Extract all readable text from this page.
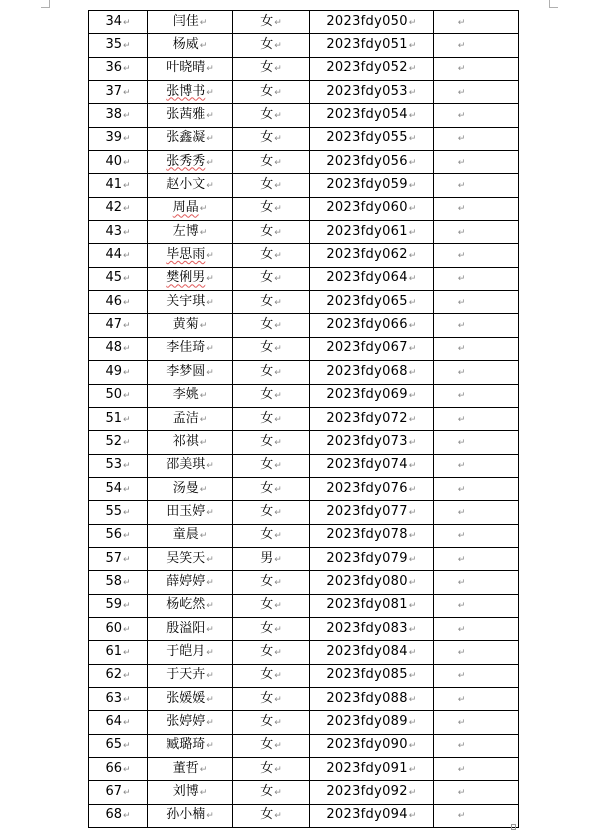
34↵	闫佳↵	女↵	2023fdy050↵	↵
35↵	杨威↵	女↵	2023fdy051↵	↵
36↵	叶晓晴↵	女↵	2023fdy052↵	↵
37↵	张博书↵	女↵	2023fdy053↵	↵
38↵	张茜雅↵	女↵	2023fdy054↵	↵
39↵	张鑫凝↵	女↵	2023fdy055↵	↵
40↵	张秀秀↵	女↵	2023fdy056↵	↵
41↵	赵小文↵	女↵	2023fdy059↵	↵
42↵	周晶↵	女↵	2023fdy060↵	↵
43↵	左博↵	女↵	2023fdy061↵	↵
44↵	毕思雨↵	女↵	2023fdy062↵	↵
45↵	樊俐男↵	女↵	2023fdy064↵	↵
46↵	关宇琪↵	女↵	2023fdy065↵	↵
47↵	黄菊↵	女↵	2023fdy066↵	↵
48↵	李佳琦↵	女↵	2023fdy067↵	↵
49↵	李梦圆↵	女↵	2023fdy068↵	↵
50↵	李姚↵	女↵	2023fdy069↵	↵
51↵	孟洁↵	女↵	2023fdy072↵	↵
52↵	祁祺↵	女↵	2023fdy073↵	↵
53↵	邵美琪↵	女↵	2023fdy074↵	↵
54↵	汤曼↵	女↵	2023fdy076↵	↵
55↵	田玉婷↵	女↵	2023fdy077↵	↵
56↵	童晨↵	女↵	2023fdy078↵	↵
57↵	吴笑天↵	男↵	2023fdy079↵	↵
58↵	薛婷婷↵	女↵	2023fdy080↵	↵
59↵	杨屹然↵	女↵	2023fdy081↵	↵
60↵	殷溢阳↵	女↵	2023fdy083↵	↵
61↵	于皑月↵	女↵	2023fdy084↵	↵
62↵	于天卉↵	女↵	2023fdy085↵	↵
63↵	张媛媛↵	女↵	2023fdy088↵	↵
64↵	张婷婷↵	女↵	2023fdy089↵	↵
65↵	臧璐琦↵	女↵	2023fdy090↵	↵
66↵	董哲↵	女↵	2023fdy091↵	↵
67↵	刘博↵	女↵	2023fdy092↵	↵
68↵	孙小楠↵	女↵	2023fdy094↵	↵
